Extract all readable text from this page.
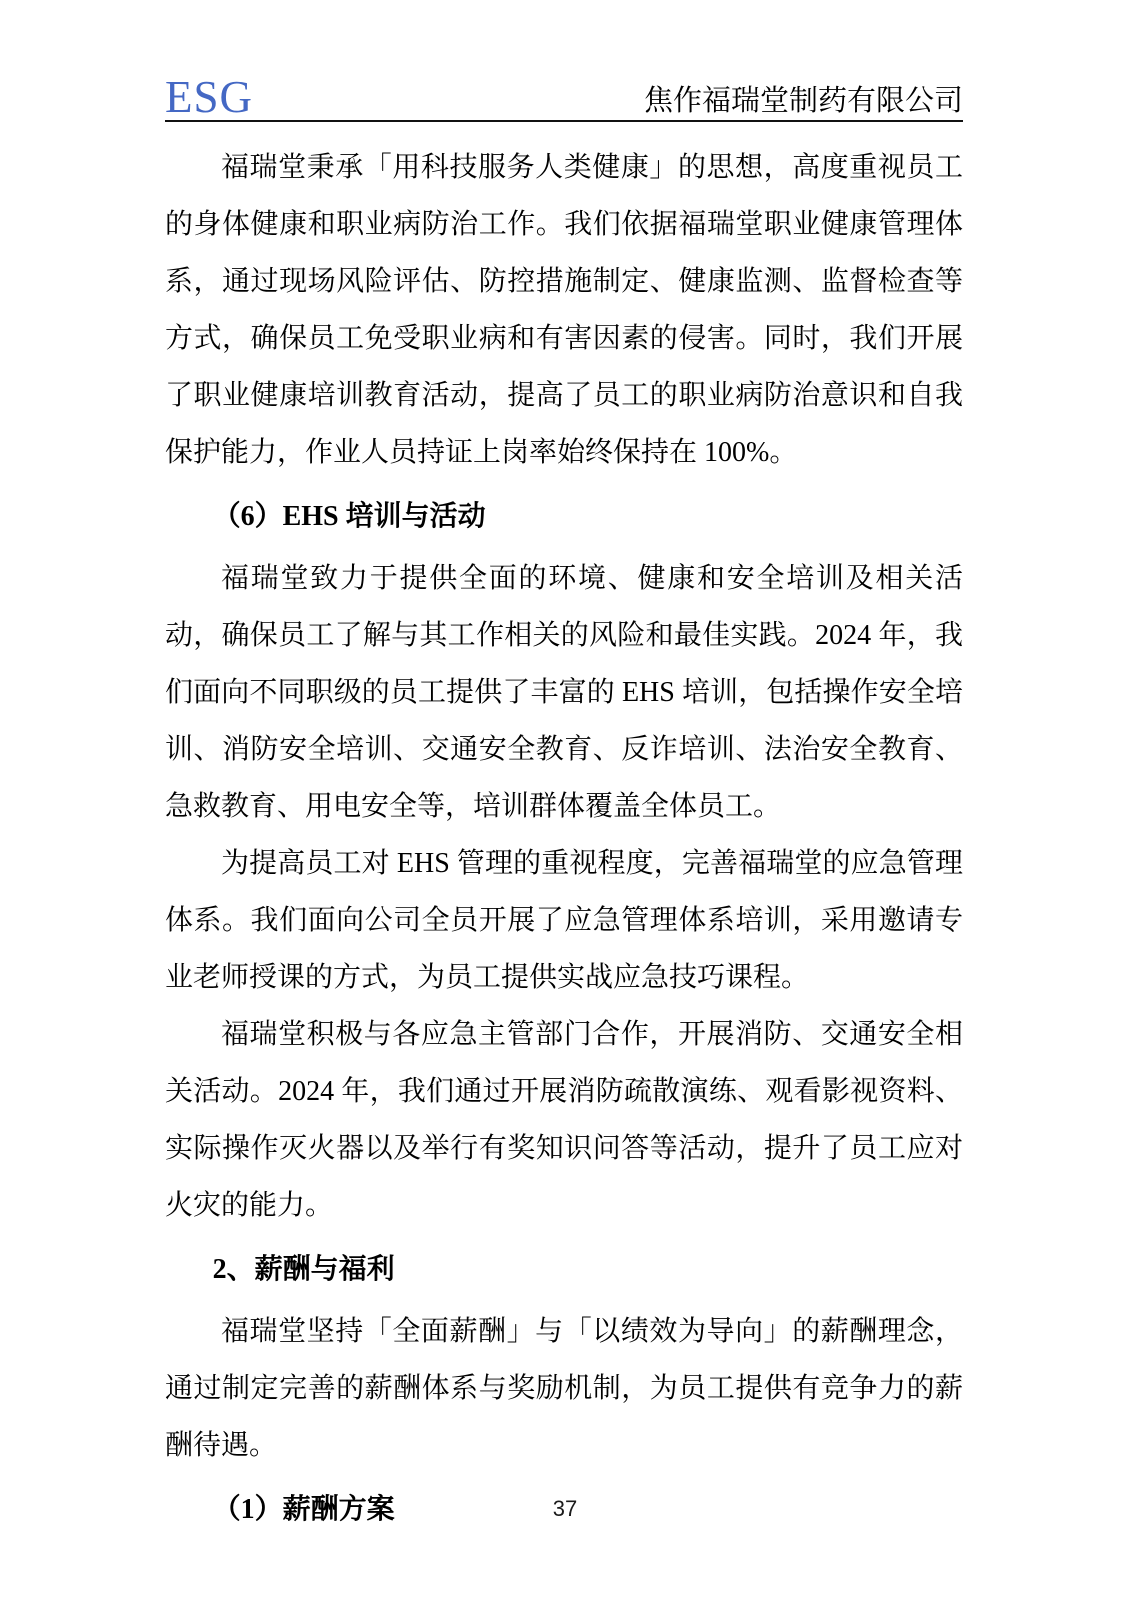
ESG	焦作福瑞堂制药有限公司

福瑞堂秉承「用科技服务人类健康」的思想，高度重视员工的身体健康和职业病防治工作。我们依据福瑞堂职业健康管理体系，通过现场风险评估、防控措施制定、健康监测、监督检查等方式，确保员工免受职业病和有害因素的侵害。同时，我们开展了职业健康培训教育活动，提高了员工的职业病防治意识和自我保护能力，作业人员持证上岗率始终保持在 100%。

（6）EHS 培训与活动

福瑞堂致力于提供全面的环境、健康和安全培训及相关活动，确保员工了解与其工作相关的风险和最佳实践。2024 年，我们面向不同职级的员工提供了丰富的 EHS 培训，包括操作安全培训、消防安全培训、交通安全教育、反诈培训、法治安全教育、急救教育、用电安全等，培训群体覆盖全体员工。

为提高员工对 EHS 管理的重视程度，完善福瑞堂的应急管理体系。我们面向公司全员开展了应急管理体系培训，采用邀请专业老师授课的方式，为员工提供实战应急技巧课程。

福瑞堂积极与各应急主管部门合作，开展消防、交通安全相关活动。2024 年，我们通过开展消防疏散演练、观看影视资料、实际操作灭火器以及举行有奖知识问答等活动，提升了员工应对火灾的能力。

2、薪酬与福利

福瑞堂坚持「全面薪酬」与「以绩效为导向」的薪酬理念，通过制定完善的薪酬体系与奖励机制，为员工提供有竞争力的薪酬待遇。

（1）薪酬方案	37
